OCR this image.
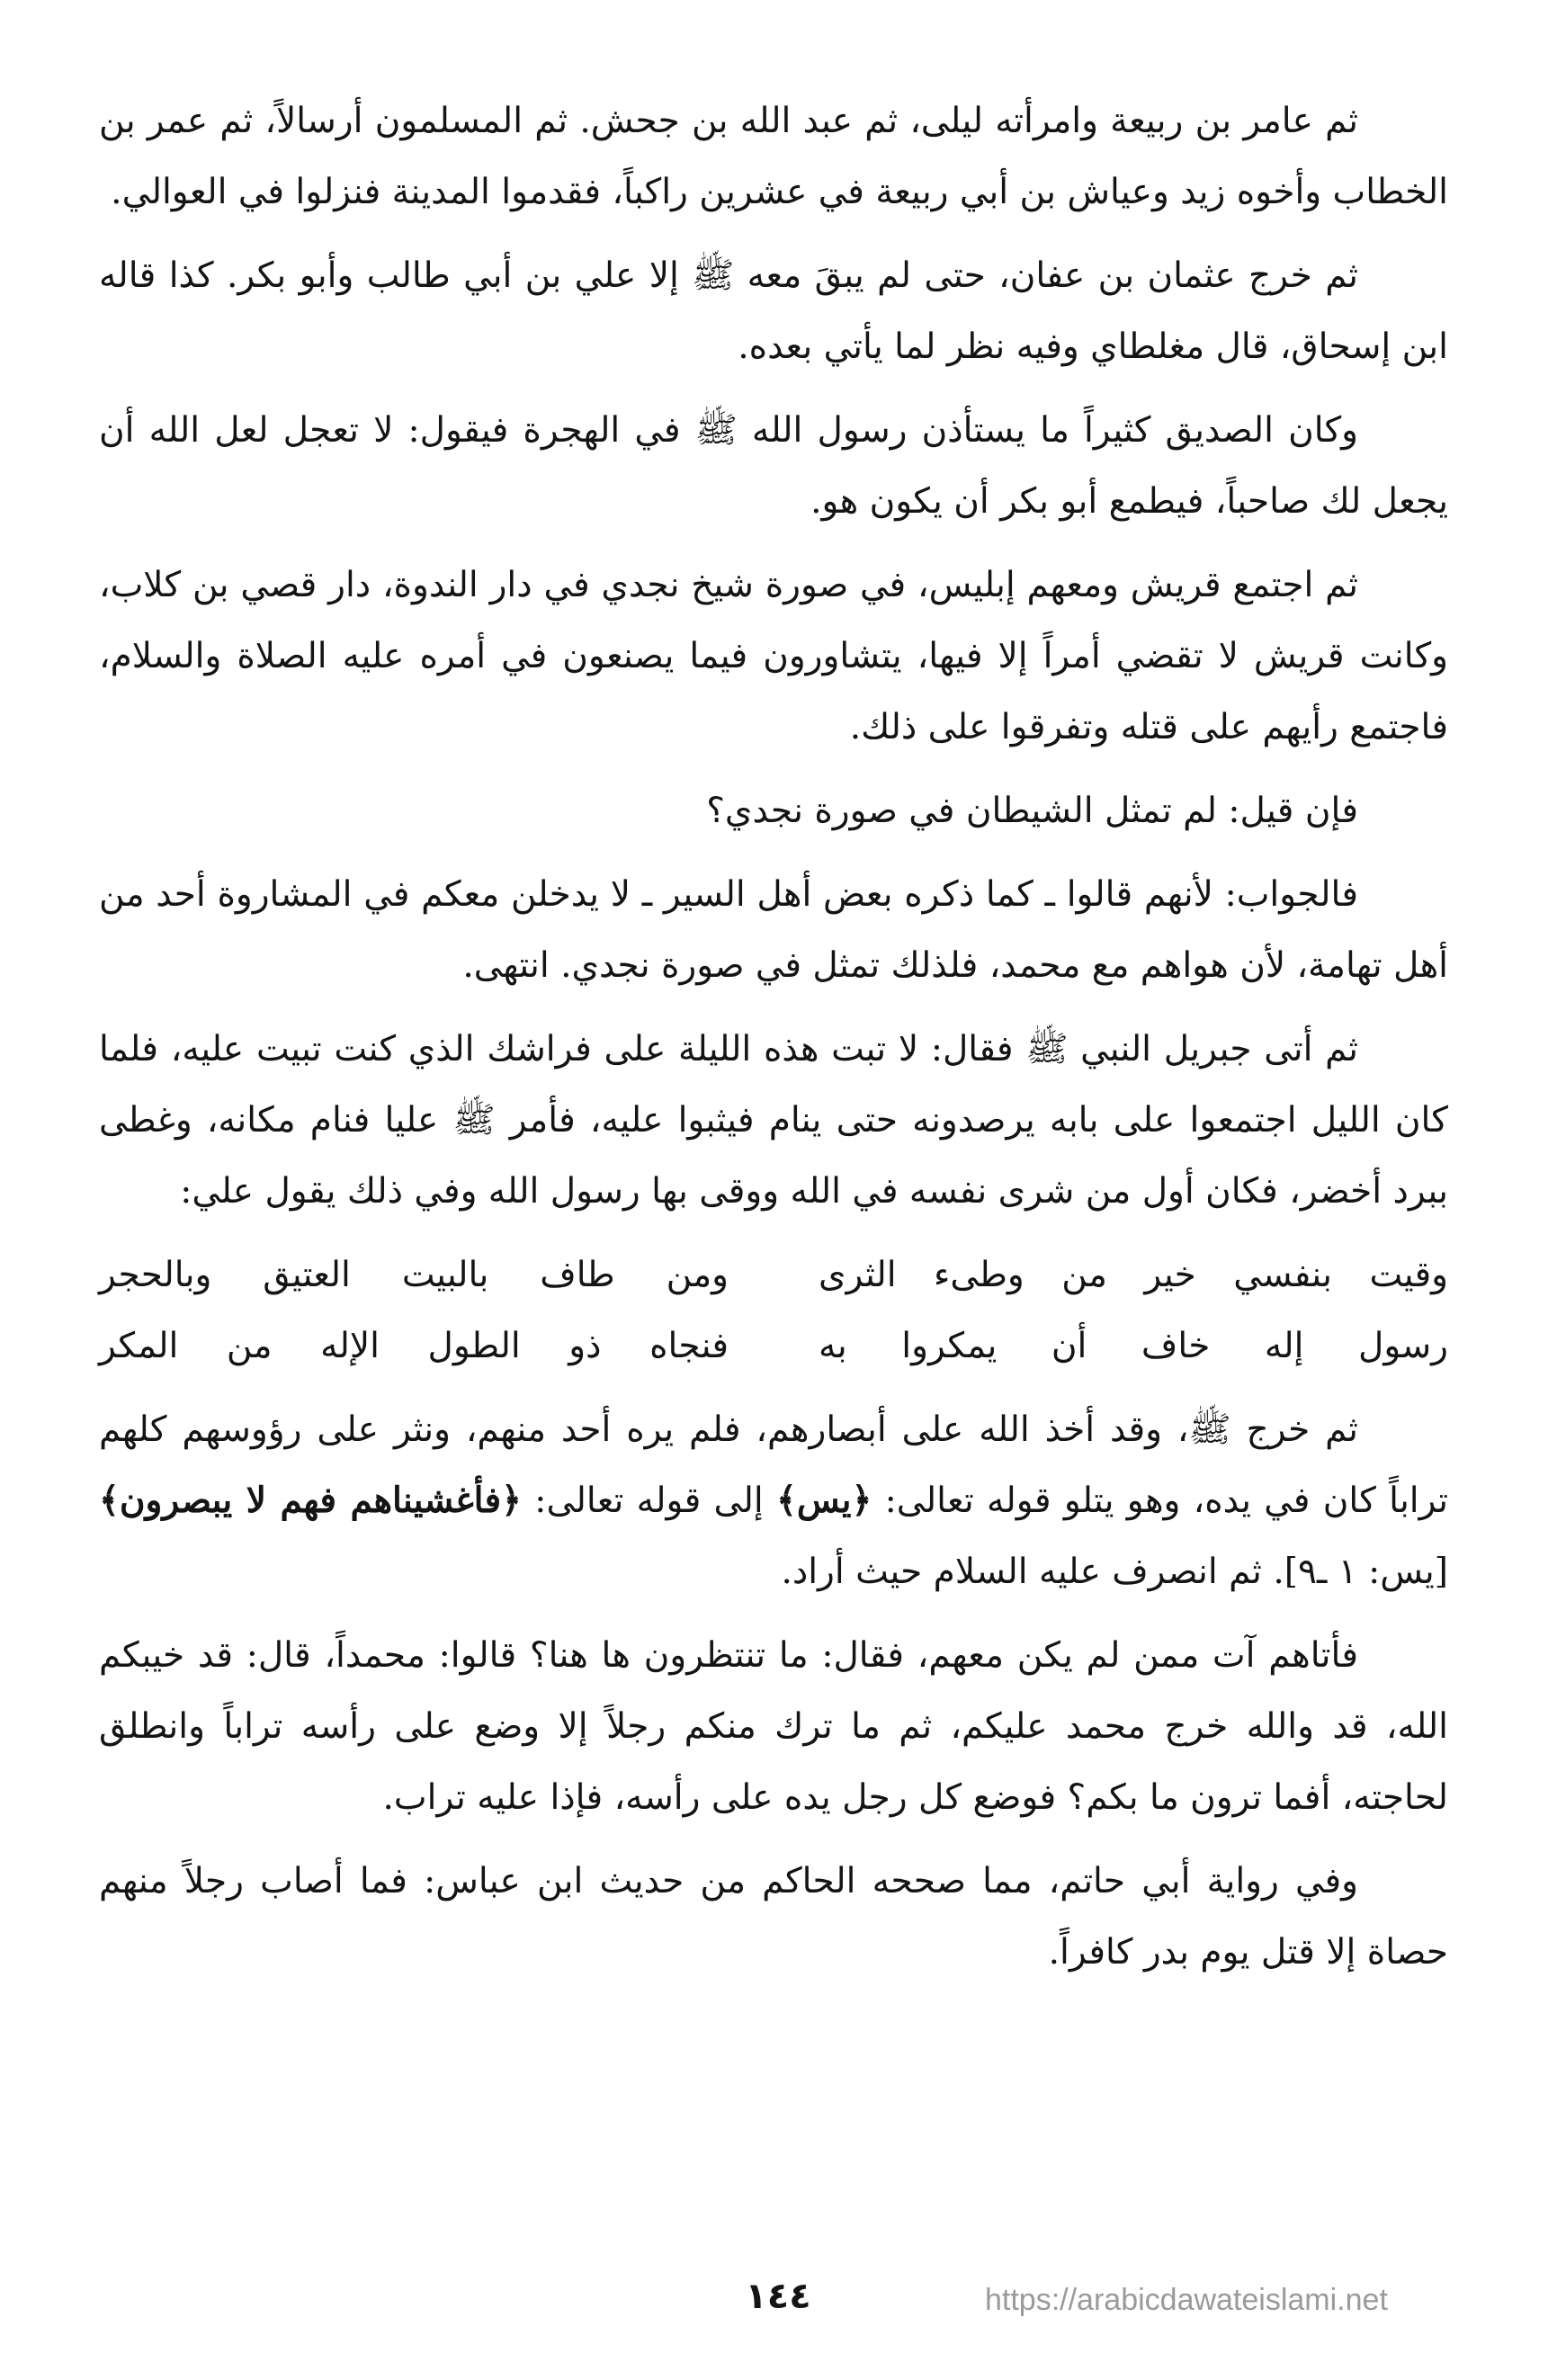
ثم عامر بن ربيعة وامرأته ليلى، ثم عبد الله بن جحش. ثم المسلمون أرسالاً، ثم عمر بن الخطاب وأخوه زيد وعياش بن أبي ربيعة في عشرين راكباً، فقدموا المدينة فنزلوا في العوالي.

ثم خرج عثمان بن عفان، حتى لم يبقَ معه ﷺ إلا علي بن أبي طالب وأبو بكر. كذا قاله ابن إسحاق، قال مغلطاي وفيه نظر لما يأتي بعده.

وكان الصديق كثيراً ما يستأذن رسول الله ﷺ في الهجرة فيقول: لا تعجل لعل الله أن يجعل لك صاحباً، فيطمع أبو بكر أن يكون هو.

ثم اجتمع قريش ومعهم إبليس، في صورة شيخ نجدي في دار الندوة، دار قصي بن كلاب، وكانت قريش لا تقضي أمراً إلا فيها، يتشاورون فيما يصنعون في أمره عليه الصلاة والسلام، فاجتمع رأيهم على قتله وتفرقوا على ذلك.

فإن قيل: لم تمثل الشيطان في صورة نجدي؟

فالجواب: لأنهم قالوا ـ كما ذكره بعض أهل السير ـ لا يدخلن معكم في المشاروة أحد من أهل تهامة، لأن هواهم مع محمد، فلذلك تمثل في صورة نجدي. انتهى.

ثم أتى جبريل النبي ﷺ فقال: لا تبت هذه الليلة على فراشك الذي كنت تبيت عليه، فلما كان الليل اجتمعوا على بابه يرصدونه حتى ينام فيثبوا عليه، فأمر ﷺ عليا فنام مكانه، وغطى ببرد أخضر، فكان أول من شرى نفسه في الله ووقى بها رسول الله وفي ذلك يقول علي:

وقيت بنفسي خير من وطىء الثرى
ومن طاف بالبيت العتيق وبالحجر
رسول إله خاف أن يمكروا به
فنجاه ذو الطول الإله من المكر

ثم خرج ﷺ، وقد أخذ الله على أبصارهم، فلم يره أحد منهم، ونثر على رؤوسهم كلهم تراباً كان في يده، وهو يتلو قوله تعالى: ﴿يس﴾ إلى قوله تعالى: ﴿فأغشيناهم فهم لا يبصرون﴾ [يس: ١ ـ٩]. ثم انصرف عليه السلام حيث أراد.

فأتاهم آت ممن لم يكن معهم، فقال: ما تنتظرون ها هنا؟ قالوا: محمداً، قال: قد خيبكم الله، قد والله خرج محمد عليكم، ثم ما ترك منكم رجلاً إلا وضع على رأسه تراباً وانطلق لحاجته، أفما ترون ما بكم؟ فوضع كل رجل يده على رأسه، فإذا عليه تراب.

وفي رواية أبي حاتم، مما صححه الحاكم من حديث ابن عباس: فما أصاب رجلاً منهم حصاة إلا قتل يوم بدر كافراً.

١٤٤	https://arabicdawateislami.net
